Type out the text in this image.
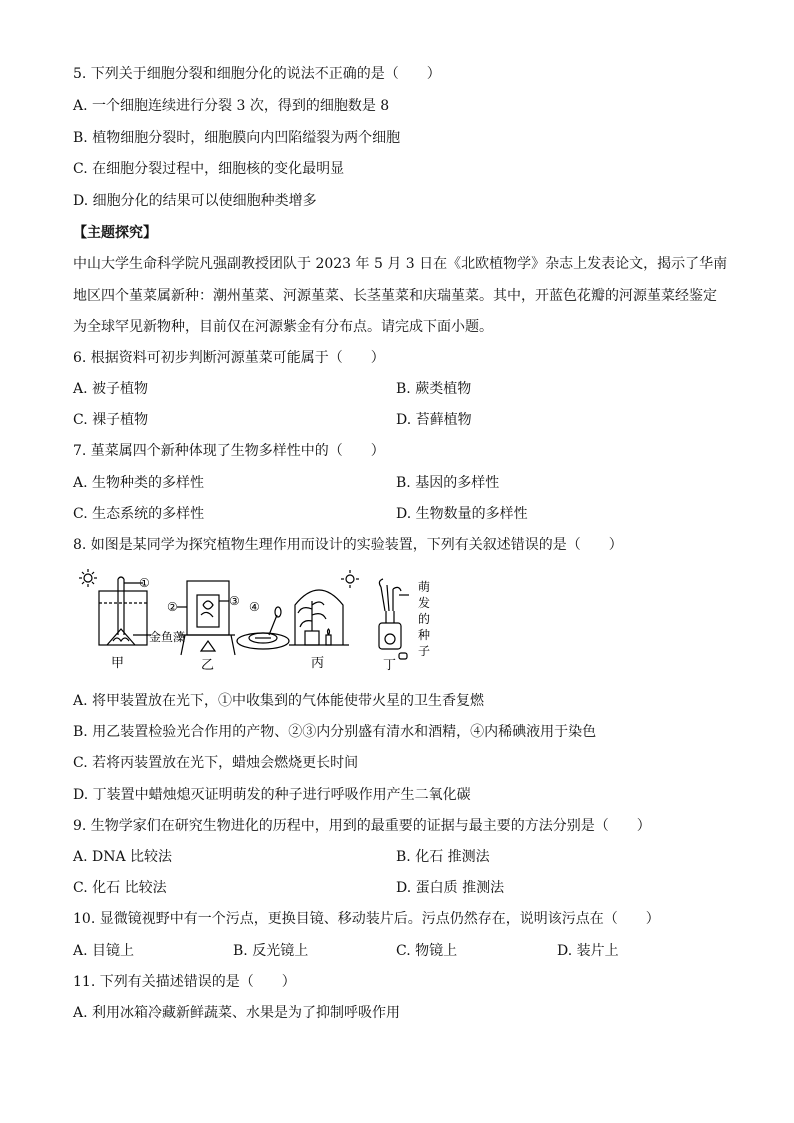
5. 下列关于细胞分裂和细胞分化的说法不正确的是（　　）
A. 一个细胞连续进行分裂 3 次，得到的细胞数是 8
B. 植物细胞分裂时，细胞膜向内凹陷缢裂为两个细胞
C. 在细胞分裂过程中，细胞核的变化最明显
D. 细胞分化的结果可以使细胞种类增多
【主题探究】
中山大学生命科学院凡强副教授团队于 2023 年 5 月 3 日在《北欧植物学》杂志上发表论文，揭示了华南
地区四个堇菜属新种：潮州堇菜、河源堇菜、长茎堇菜和庆瑞堇菜。其中，开蓝色花瓣的河源堇菜经鉴定
为全球罕见新物种，目前仅在河源紫金有分布点。请完成下面小题。
6. 根据资料可初步判断河源堇菜可能属于（　　）
A. 被子植物	B. 蕨类植物
C. 裸子植物	D. 苔藓植物
7. 堇菜属四个新种体现了生物多样性中的（　　）
A. 生物种类的多样性	B. 基因的多样性
C. 生态系统的多样性	D. 生物数量的多样性
8. 如图是某同学为探究植物生理作用而设计的实验装置，下列有关叙述错误的是（　　）
①
②	③ ④
金鱼藻
萌
发
的
种
子
甲	乙	丙	丁
A. 将甲装置放在光下，①中收集到的气体能使带火星的卫生香复燃
B. 用乙装置检验光合作用的产物、②③内分别盛有清水和酒精，④内稀碘液用于染色
C. 若将丙装置放在光下，蜡烛会燃烧更长时间
D. 丁装置中蜡烛熄灭证明萌发的种子进行呼吸作用产生二氧化碳
9. 生物学家们在研究生物进化的历程中，用到的最重要的证据与最主要的方法分别是（　　）
A. DNA 比较法	B. 化石 推测法
C. 化石 比较法	D. 蛋白质 推测法
10. 显微镜视野中有一个污点，更换目镜、移动装片后。污点仍然存在，说明该污点在（　　）
A. 目镜上	B. 反光镜上	C. 物镜上	D. 装片上
11. 下列有关描述错误的是（　　）
A. 利用冰箱冷藏新鲜蔬菜、水果是为了抑制呼吸作用
